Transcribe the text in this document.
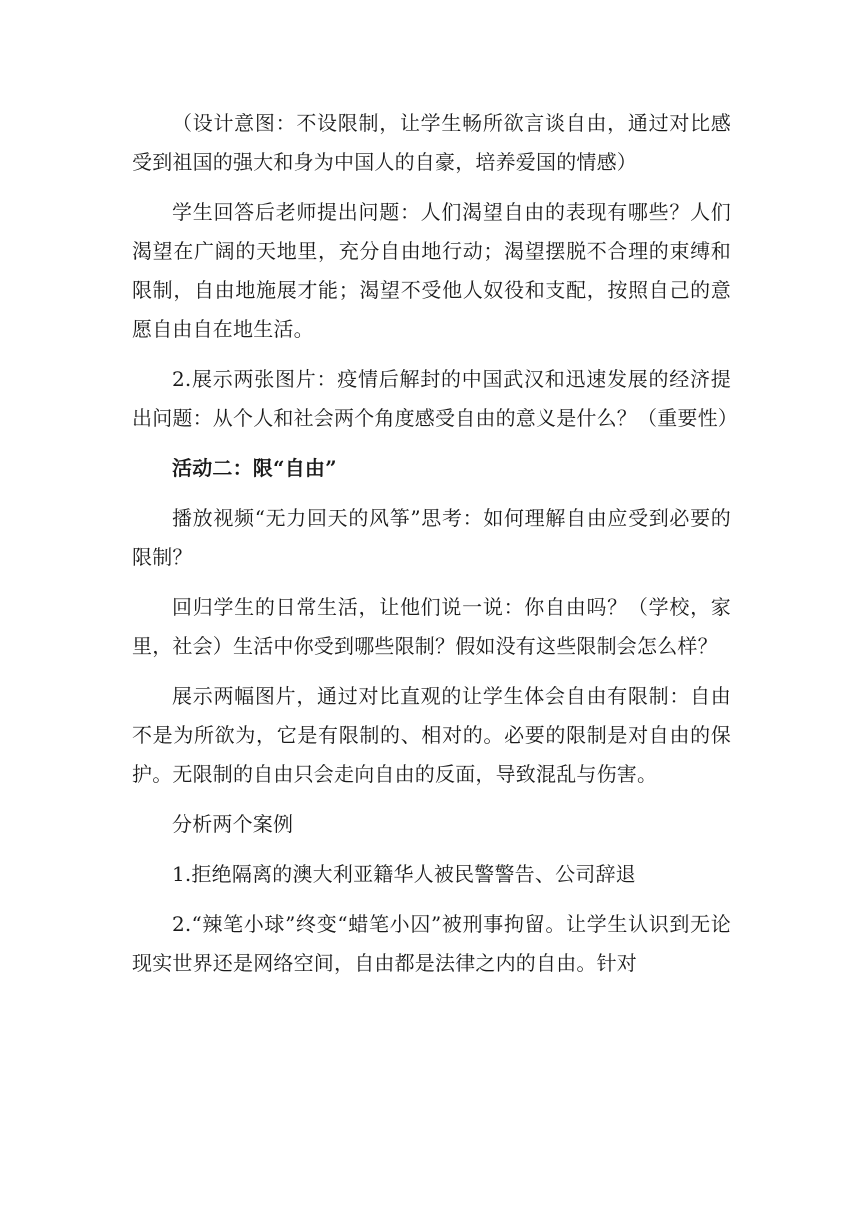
（设计意图：不设限制，让学生畅所欲言谈自由，通过对比感受到祖国的强大和身为中国人的自豪，培养爱国的情感）

学生回答后老师提出问题：人们渴望自由的表现有哪些？人们渴望在广阔的天地里，充分自由地行动；渴望摆脱不合理的束缚和限制，自由地施展才能；渴望不受他人奴役和支配，按照自己的意愿自由自在地生活。

2.展示两张图片：疫情后解封的中国武汉和迅速发展的经济提出问题：从个人和社会两个角度感受自由的意义是什么？（重要性）

活动二：限“自由”

播放视频“无力回天的风筝”思考：如何理解自由应受到必要的限制？

回归学生的日常生活，让他们说一说：你自由吗？（学校，家里，社会）生活中你受到哪些限制？假如没有这些限制会怎么样？

展示两幅图片，通过对比直观的让学生体会自由有限制：自由不是为所欲为，它是有限制的、相对的。必要的限制是对自由的保护。无限制的自由只会走向自由的反面，导致混乱与伤害。

分析两个案例

1.拒绝隔离的澳大利亚籍华人被民警警告、公司辞退

2.“辣笔小球”终变“蜡笔小囚”被刑事拘留。让学生认识到无论现实世界还是网络空间，自由都是法律之内的自由。针对
